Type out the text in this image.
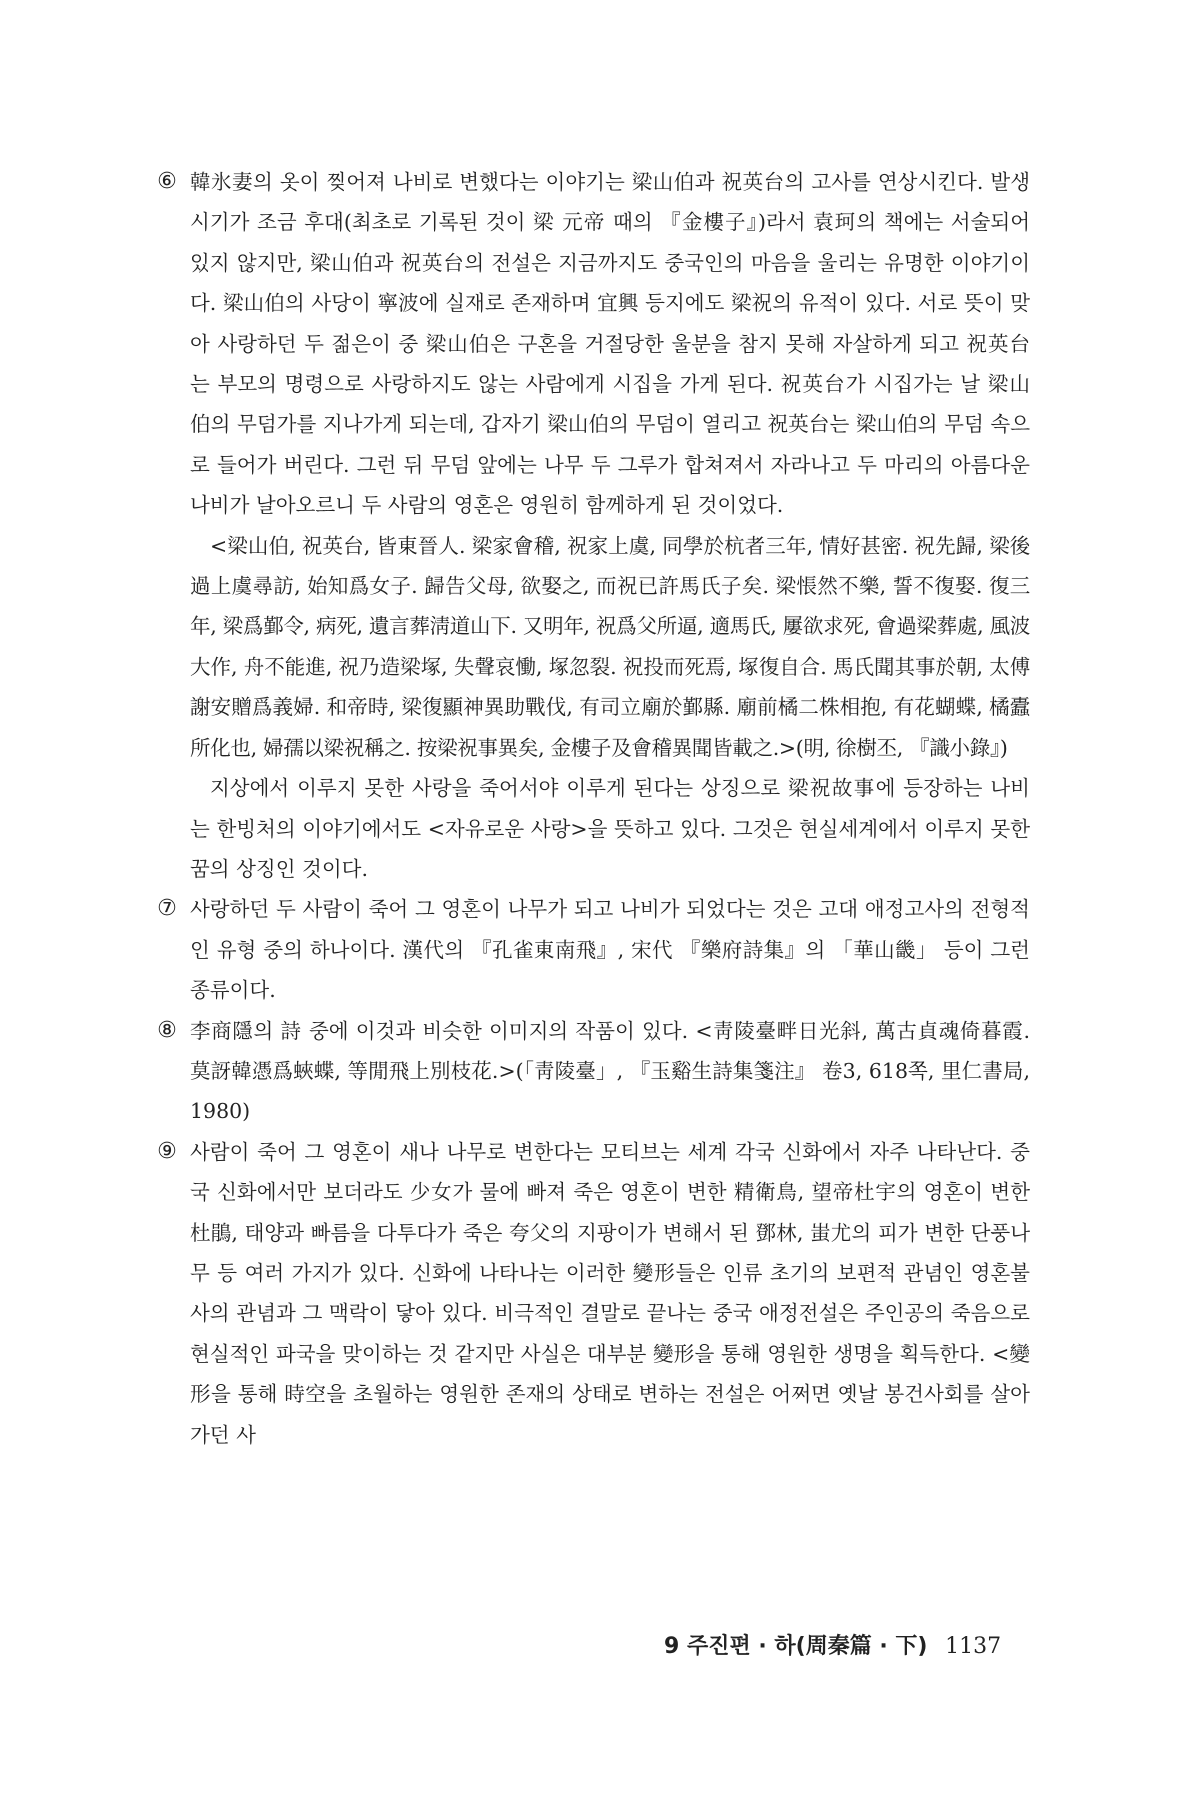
⑥ 韓氷妻의 옷이 찢어져 나비로 변했다는 이야기는 梁山伯과 祝英台의 고사를 연상시킨다. 발생시기가 조금 후대(최초로 기록된 것이 梁 元帝 때의 『金樓子』)라서 袁珂의 책에는 서술되어 있지 않지만, 梁山伯과 祝英台의 전설은 지금까지도 중국인의 마음을 울리는 유명한 이야기이다. 梁山伯의 사당이 寧波에 실재로 존재하며 宜興 등지에도 梁祝의 유적이 있다. 서로 뜻이 맞아 사랑하던 두 젊은이 중 梁山伯은 구혼을 거절당한 울분을 참지 못해 자살하게 되고 祝英台는 부모의 명령으로 사랑하지도 않는 사람에게 시집을 가게 된다. 祝英台가 시집가는 날 梁山伯의 무덤가를 지나가게 되는데, 갑자기 梁山伯의 무덤이 열리고 祝英台는 梁山伯의 무덤 속으로 들어가 버린다. 그런 뒤 무덤 앞에는 나무 두 그루가 합쳐져서 자라나고 두 마리의 아름다운 나비가 날아오르니 두 사람의 영혼은 영원히 함께하게 된 것이었다.

<梁山伯, 祝英台, 皆東晉人. 梁家會稽, 祝家上虞, 同學於杭者三年, 情好甚密. 祝先歸, 梁後過上虞尋訪, 始知爲女子. 歸告父母, 欲娶之, 而祝已許馬氏子矣. 梁悵然不樂, 誓不復娶. 復三年, 梁爲鄞令, 病死, 遺言葬淸道山下. 又明年, 祝爲父所逼, 適馬氏, 屢欲求死, 會過梁葬處, 風波大作, 舟不能進, 祝乃造梁塚, 失聲哀慟, 塚忽裂. 祝投而死焉, 塚復自合. 馬氏聞其事於朝, 太傅謝安贈爲義婦. 和帝時, 梁復顯神異助戰伐, 有司立廟於鄞縣. 廟前橘二株相抱, 有花蝴蝶, 橘蠹所化也, 婦孺以梁祝稱之. 按梁祝事異矣, 金樓子及會稽異聞皆載之.>(明, 徐樹丕, 『識小錄』)

지상에서 이루지 못한 사랑을 죽어서야 이루게 된다는 상징으로 梁祝故事에 등장하는 나비는 한빙처의 이야기에서도 <자유로운 사랑>을 뜻하고 있다. 그것은 현실세계에서 이루지 못한 꿈의 상징인 것이다.

⑦ 사랑하던 두 사람이 죽어 그 영혼이 나무가 되고 나비가 되었다는 것은 고대 애정고사의 전형적인 유형 중의 하나이다. 漢代의 『孔雀東南飛』, 宋代 『樂府詩集』의 「華山畿」 등이 그런 종류이다.
⑧ 李商隱의 詩 중에 이것과 비슷한 이미지의 작품이 있다. <靑陵臺畔日光斜, 萬古貞魂倚暮霞. 莫訝韓憑爲蛺蝶, 等閒飛上別枝花.>(「靑陵臺」, 『玉谿生詩集箋注』 卷3, 618쪽, 里仁書局, 1980)
⑨ 사람이 죽어 그 영혼이 새나 나무로 변한다는 모티브는 세계 각국 신화에서 자주 나타난다. 중국 신화에서만 보더라도 少女가 물에 빠져 죽은 영혼이 변한 精衛鳥, 望帝杜宇의 영혼이 변한 杜鵑, 태양과 빠름을 다투다가 죽은 夸父의 지팡이가 변해서 된 鄧林, 蚩尤의 피가 변한 단풍나무 등 여러 가지가 있다. 신화에 나타나는 이러한 變形들은 인류 초기의 보편적 관념인 영혼불사의 관념과 그 맥락이 닿아 있다. 비극적인 결말로 끝나는 중국 애정전설은 주인공의 죽음으로 현실적인 파국을 맞이하는 것 같지만 사실은 대부분 變形을 통해 영원한 생명을 획득한다. <變形을 통해 時空을 초월하는 영원한 존재의 상태로 변하는 전설은 어쩌면 옛날 봉건사회를 살아가던 사
9 주진편 · 하(周秦篇 · 下) 1137
